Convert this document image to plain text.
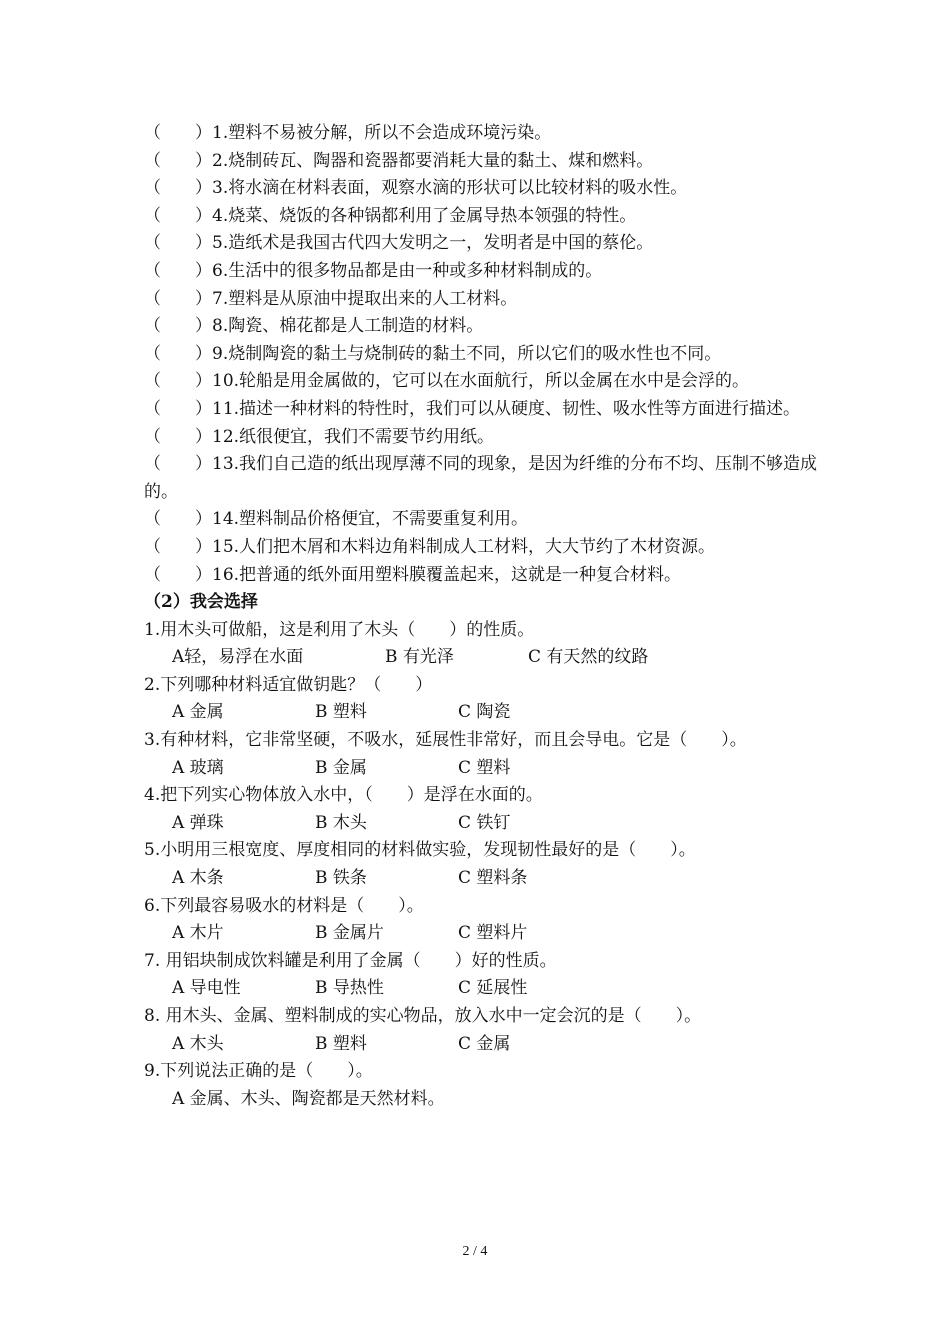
（　　）1.塑料不易被分解，所以不会造成环境污染。

（　　）2.烧制砖瓦、陶器和瓷器都要消耗大量的黏土、煤和燃料。

（　　）3.将水滴在材料表面，观察水滴的形状可以比较材料的吸水性。

（　　）4.烧菜、烧饭的各种锅都利用了金属导热本领强的特性。

（　　）5.造纸术是我国古代四大发明之一，发明者是中国的蔡伦。

（　　）6.生活中的很多物品都是由一种或多种材料制成的。

（　　）7.塑料是从原油中提取出来的人工材料。

（　　）8.陶瓷、棉花都是人工制造的材料。

（　　）9.烧制陶瓷的黏土与烧制砖的黏土不同，所以它们的吸水性也不同。

（　　）10.轮船是用金属做的，它可以在水面航行，所以金属在水中是会浮的。

（　　）11.描述一种材料的特性时，我们可以从硬度、韧性、吸水性等方面进行描述。

（　　）12.纸很便宜，我们不需要节约用纸。

（　　）13.我们自己造的纸出现厚薄不同的现象，是因为纤维的分布不均、压制不够造成的。

（　　）14.塑料制品价格便宜，不需要重复利用。

（　　）15.人们把木屑和木料边角料制成人工材料，大大节约了木材资源。

（　　）16.把普通的纸外面用塑料膜覆盖起来，这就是一种复合材料。

（2）我会选择

1.用木头可做船，这是利用了木头（　　）的性质。

A轻，易浮在水面	B 有光泽	C 有天然的纹路

2.下列哪种材料适宜做钥匙？（　　）

A 金属	B 塑料	C 陶瓷

3.有种材料，它非常坚硬，不吸水，延展性非常好，而且会导电。它是（　　）。

A 玻璃	B 金属	C 塑料

4.把下列实心物体放入水中，（　　）是浮在水面的。

A 弹珠	B 木头	C 铁钉

5.小明用三根宽度、厚度相同的材料做实验，发现韧性最好的是（　　）。

A 木条	B 铁条	C 塑料条

6.下列最容易吸水的材料是（　　）。

A 木片	B 金属片	C 塑料片

7. 用铝块制成饮料罐是利用了金属（　　）好的性质。

A 导电性	B 导热性	C 延展性

8. 用木头、金属、塑料制成的实心物品，放入水中一定会沉的是（　　）。

A 木头	B 塑料	C 金属

9.下列说法正确的是（　　）。

A 金属、木头、陶瓷都是天然材料。
2 / 4
